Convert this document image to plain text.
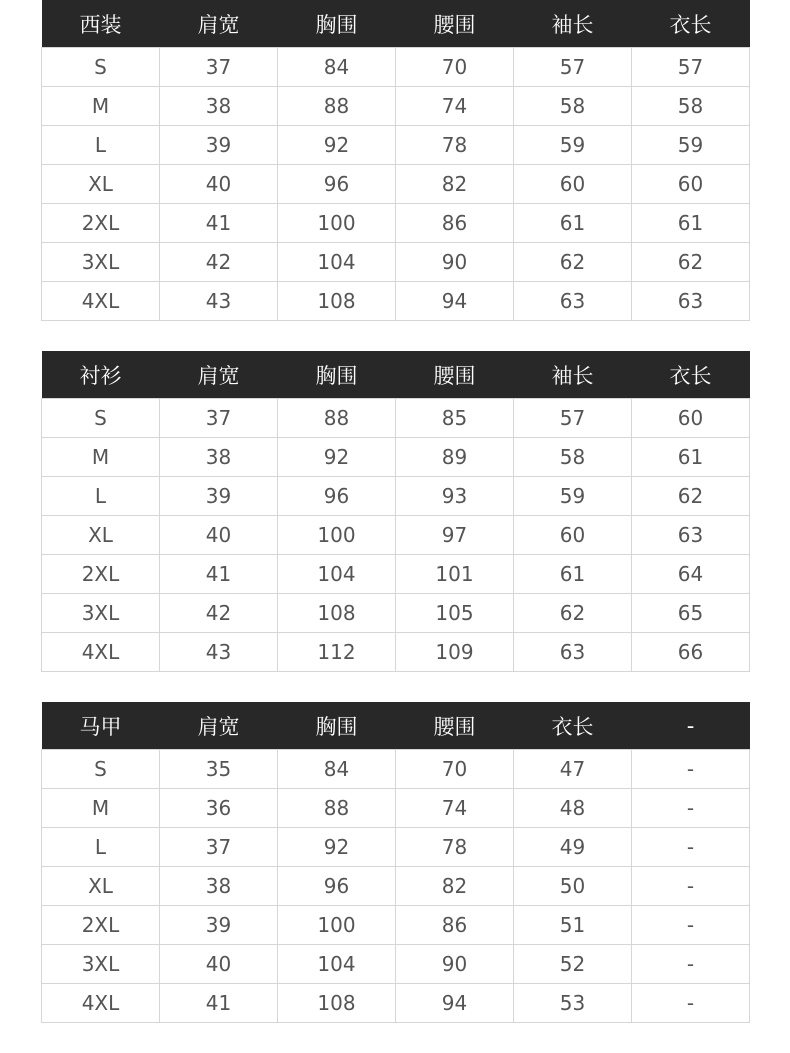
西装	肩宽	胸围	腰围	袖长	衣长
S	37	84	70	57	57
M	38	88	74	58	58
L	39	92	78	59	59
XL	40	96	82	60	60
2XL	41	100	86	61	61
3XL	42	104	90	62	62
4XL	43	108	94	63	63
衬衫	肩宽	胸围	腰围	袖长	衣长
S	37	88	85	57	60
M	38	92	89	58	61
L	39	96	93	59	62
XL	40	100	97	60	63
2XL	41	104	101	61	64
3XL	42	108	105	62	65
4XL	43	112	109	63	66
马甲	肩宽	胸围	腰围	衣长	-
S	35	84	70	47	-
M	36	88	74	48	-
L	37	92	78	49	-
XL	38	96	82	50	-
2XL	39	100	86	51	-
3XL	40	104	90	52	-
4XL	41	108	94	53	-
